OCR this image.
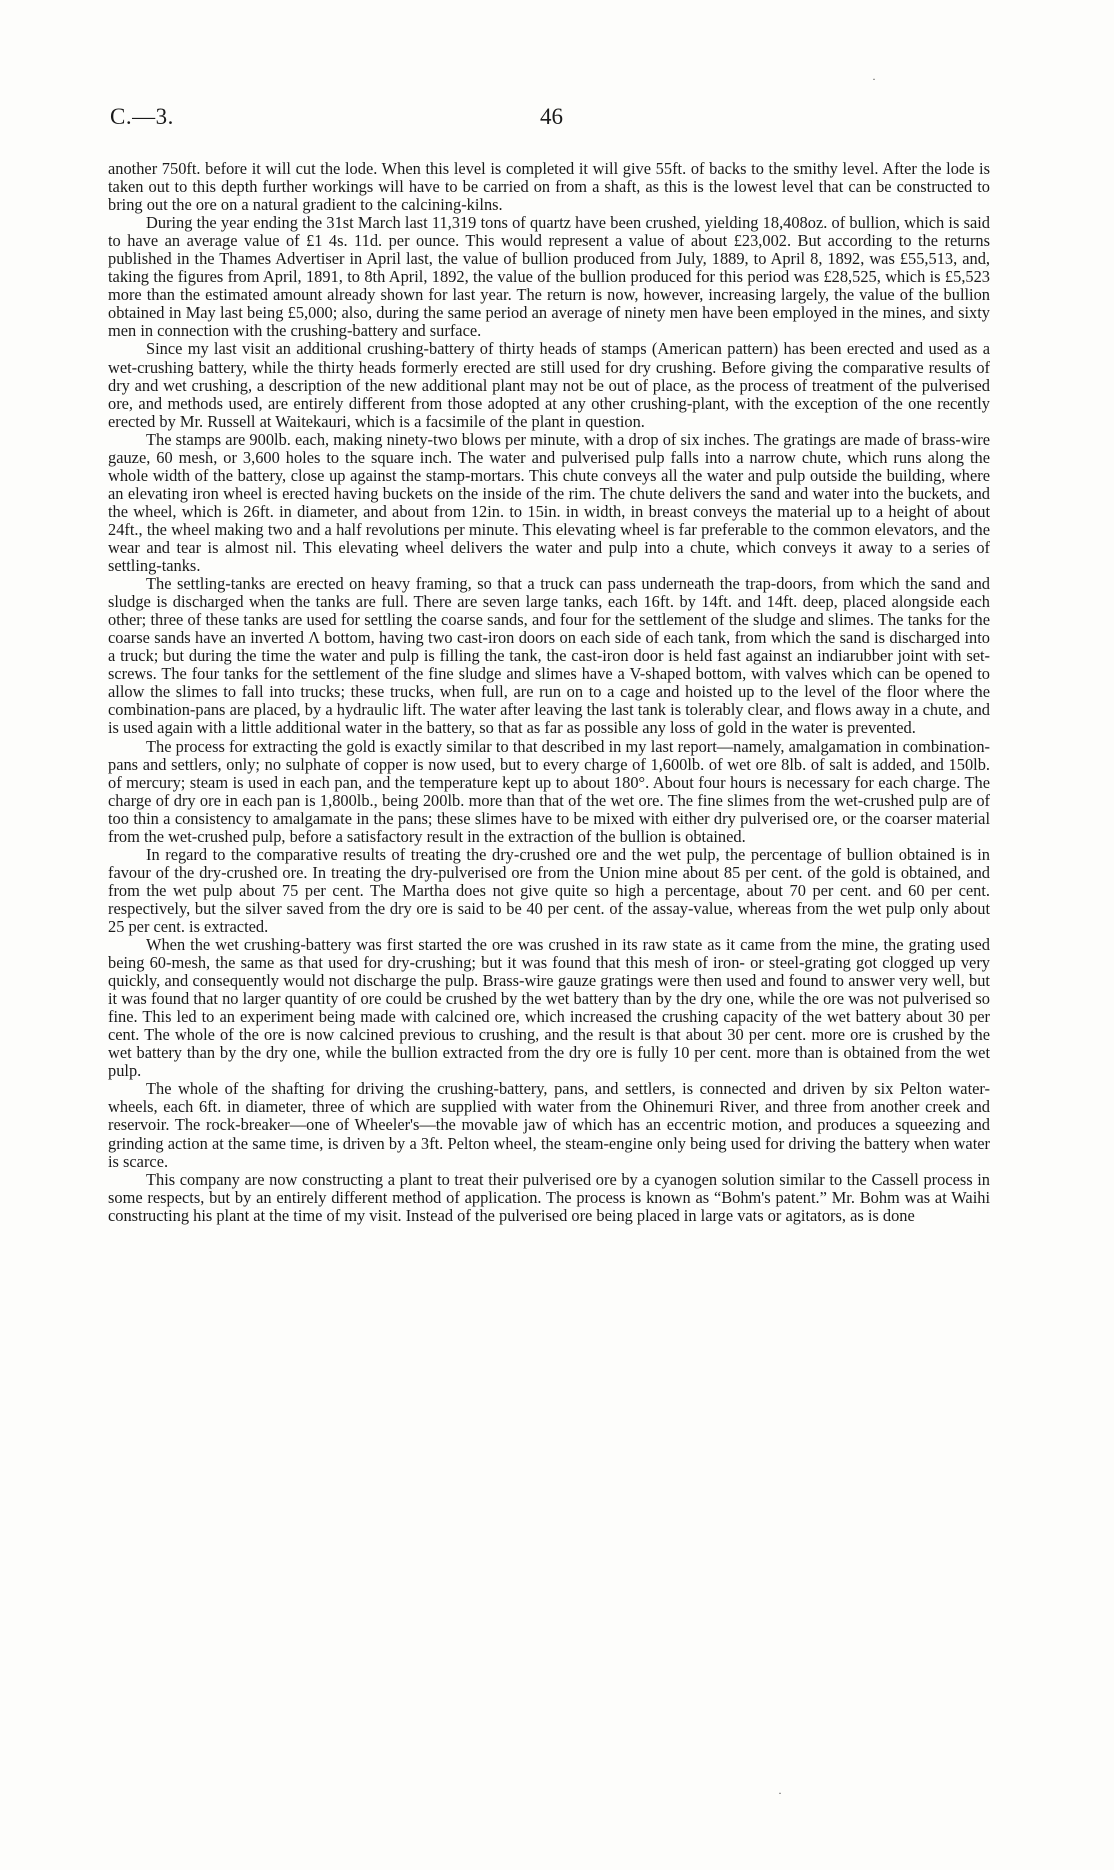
C.—3.	46
·

another 750ft. before it will cut the lode. When this level is completed it will give 55ft. of backs to the smithy level. After the lode is taken out to this depth further workings will have to be carried on from a shaft, as this is the lowest level that can be constructed to bring out the ore on a natural gradient to the calcining-kilns.

During the year ending the 31st March last 11,319 tons of quartz have been crushed, yielding 18,408oz. of bullion, which is said to have an average value of £1 4s. 11d. per ounce. This would represent a value of about £23,002. But according to the returns published in the Thames Advertiser in April last, the value of bullion produced from July, 1889, to April 8, 1892, was £55,513, and, taking the figures from April, 1891, to 8th April, 1892, the value of the bullion produced for this period was £28,525, which is £5,523 more than the estimated amount already shown for last year. The return is now, however, increasing largely, the value of the bullion obtained in May last being £5,000; also, during the same period an average of ninety men have been employed in the mines, and sixty men in connection with the crushing-battery and surface.

Since my last visit an additional crushing-battery of thirty heads of stamps (American pattern) has been erected and used as a wet-crushing battery, while the thirty heads formerly erected are still used for dry crushing. Before giving the comparative results of dry and wet crushing, a description of the new additional plant may not be out of place, as the process of treatment of the pulverised ore, and methods used, are entirely different from those adopted at any other crushing-plant, with the exception of the one recently erected by Mr. Russell at Waitekauri, which is a facsimile of the plant in question.

The stamps are 900lb. each, making ninety-two blows per minute, with a drop of six inches. The gratings are made of brass-wire gauze, 60 mesh, or 3,600 holes to the square inch. The water and pulverised pulp falls into a narrow chute, which runs along the whole width of the battery, close up against the stamp-mortars. This chute conveys all the water and pulp outside the building, where an elevating iron wheel is erected having buckets on the inside of the rim. The chute delivers the sand and water into the buckets, and the wheel, which is 26ft. in diameter, and about from 12in. to 15in. in width, in breast conveys the material up to a height of about 24ft., the wheel making two and a half revolutions per minute. This elevating wheel is far preferable to the common elevators, and the wear and tear is almost nil. This elevating wheel delivers the water and pulp into a chute, which conveys it away to a series of settling-tanks.

The settling-tanks are erected on heavy framing, so that a truck can pass underneath the trap-doors, from which the sand and sludge is discharged when the tanks are full. There are seven large tanks, each 16ft. by 14ft. and 14ft. deep, placed alongside each other; three of these tanks are used for settling the coarse sands, and four for the settlement of the sludge and slimes. The tanks for the coarse sands have an inverted Λ bottom, having two cast-iron doors on each side of each tank, from which the sand is discharged into a truck; but during the time the water and pulp is filling the tank, the cast-iron door is held fast against an indiarubber joint with set-screws. The four tanks for the settlement of the fine sludge and slimes have a V-shaped bottom, with valves which can be opened to allow the slimes to fall into trucks; these trucks, when full, are run on to a cage and hoisted up to the level of the floor where the combination-pans are placed, by a hydraulic lift. The water after leaving the last tank is tolerably clear, and flows away in a chute, and is used again with a little additional water in the battery, so that as far as possible any loss of gold in the water is prevented.

The process for extracting the gold is exactly similar to that described in my last report—namely, amalgamation in combination-pans and settlers, only; no sulphate of copper is now used, but to every charge of 1,600lb. of wet ore 8lb. of salt is added, and 150lb. of mercury; steam is used in each pan, and the temperature kept up to about 180°. About four hours is necessary for each charge. The charge of dry ore in each pan is 1,800lb., being 200lb. more than that of the wet ore. The fine slimes from the wet-crushed pulp are of too thin a consistency to amalgamate in the pans; these slimes have to be mixed with either dry pulverised ore, or the coarser material from the wet-crushed pulp, before a satisfactory result in the extraction of the bullion is obtained.

In regard to the comparative results of treating the dry-crushed ore and the wet pulp, the percentage of bullion obtained is in favour of the dry-crushed ore. In treating the dry-pulverised ore from the Union mine about 85 per cent. of the gold is obtained, and from the wet pulp about 75 per cent. The Martha does not give quite so high a percentage, about 70 per cent. and 60 per cent. respectively, but the silver saved from the dry ore is said to be 40 per cent. of the assay-value, whereas from the wet pulp only about 25 per cent. is extracted.

When the wet crushing-battery was first started the ore was crushed in its raw state as it came from the mine, the grating used being 60-mesh, the same as that used for dry-crushing; but it was found that this mesh of iron- or steel-grating got clogged up very quickly, and consequently would not discharge the pulp. Brass-wire gauze gratings were then used and found to answer very well, but it was found that no larger quantity of ore could be crushed by the wet battery than by the dry one, while the ore was not pulverised so fine. This led to an experiment being made with calcined ore, which increased the crushing capacity of the wet battery about 30 per cent. The whole of the ore is now calcined previous to crushing, and the result is that about 30 per cent. more ore is crushed by the wet battery than by the dry one, while the bullion extracted from the dry ore is fully 10 per cent. more than is obtained from the wet pulp.

The whole of the shafting for driving the crushing-battery, pans, and settlers, is connected and driven by six Pelton water-wheels, each 6ft. in diameter, three of which are supplied with water from the Ohinemuri River, and three from another creek and reservoir. The rock-breaker—one of Wheeler's—the movable jaw of which has an eccentric motion, and produces a squeezing and grinding action at the same time, is driven by a 3ft. Pelton wheel, the steam-engine only being used for driving the battery when water is scarce.

This company are now constructing a plant to treat their pulverised ore by a cyanogen solution similar to the Cassell process in some respects, but by an entirely different method of application. The process is known as “Bohm's patent.” Mr. Bohm was at Waihi constructing his plant at the time of my visit. Instead of the pulverised ore being placed in large vats or agitators, as is done

·
